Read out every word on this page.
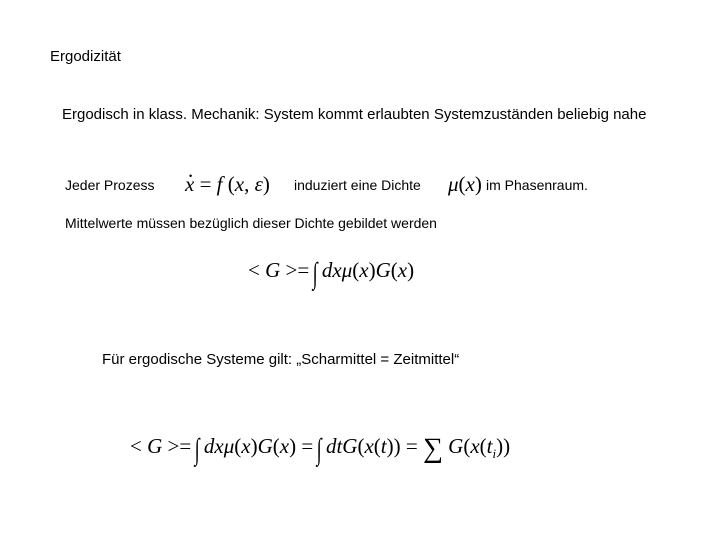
Ergodizität
Ergodisch in klass. Mechanik: System kommt erlaubten Systemzuständen beliebig nahe
Jeder Prozess
. x = f (x, ε) induziert eine Dichte μ(x) im Phasenraum.
Mittelwerte müssen bezüglich dieser Dichte gebildet werden
< G >= ∫ dxμ(x)G(x)
Für ergodische Systeme gilt: „Scharmittel = Zeitmittel“
< G >= ∫ dxμ(x)G(x) = ∫ dtG(x(t)) = ∑ $G(x(t_i))$
